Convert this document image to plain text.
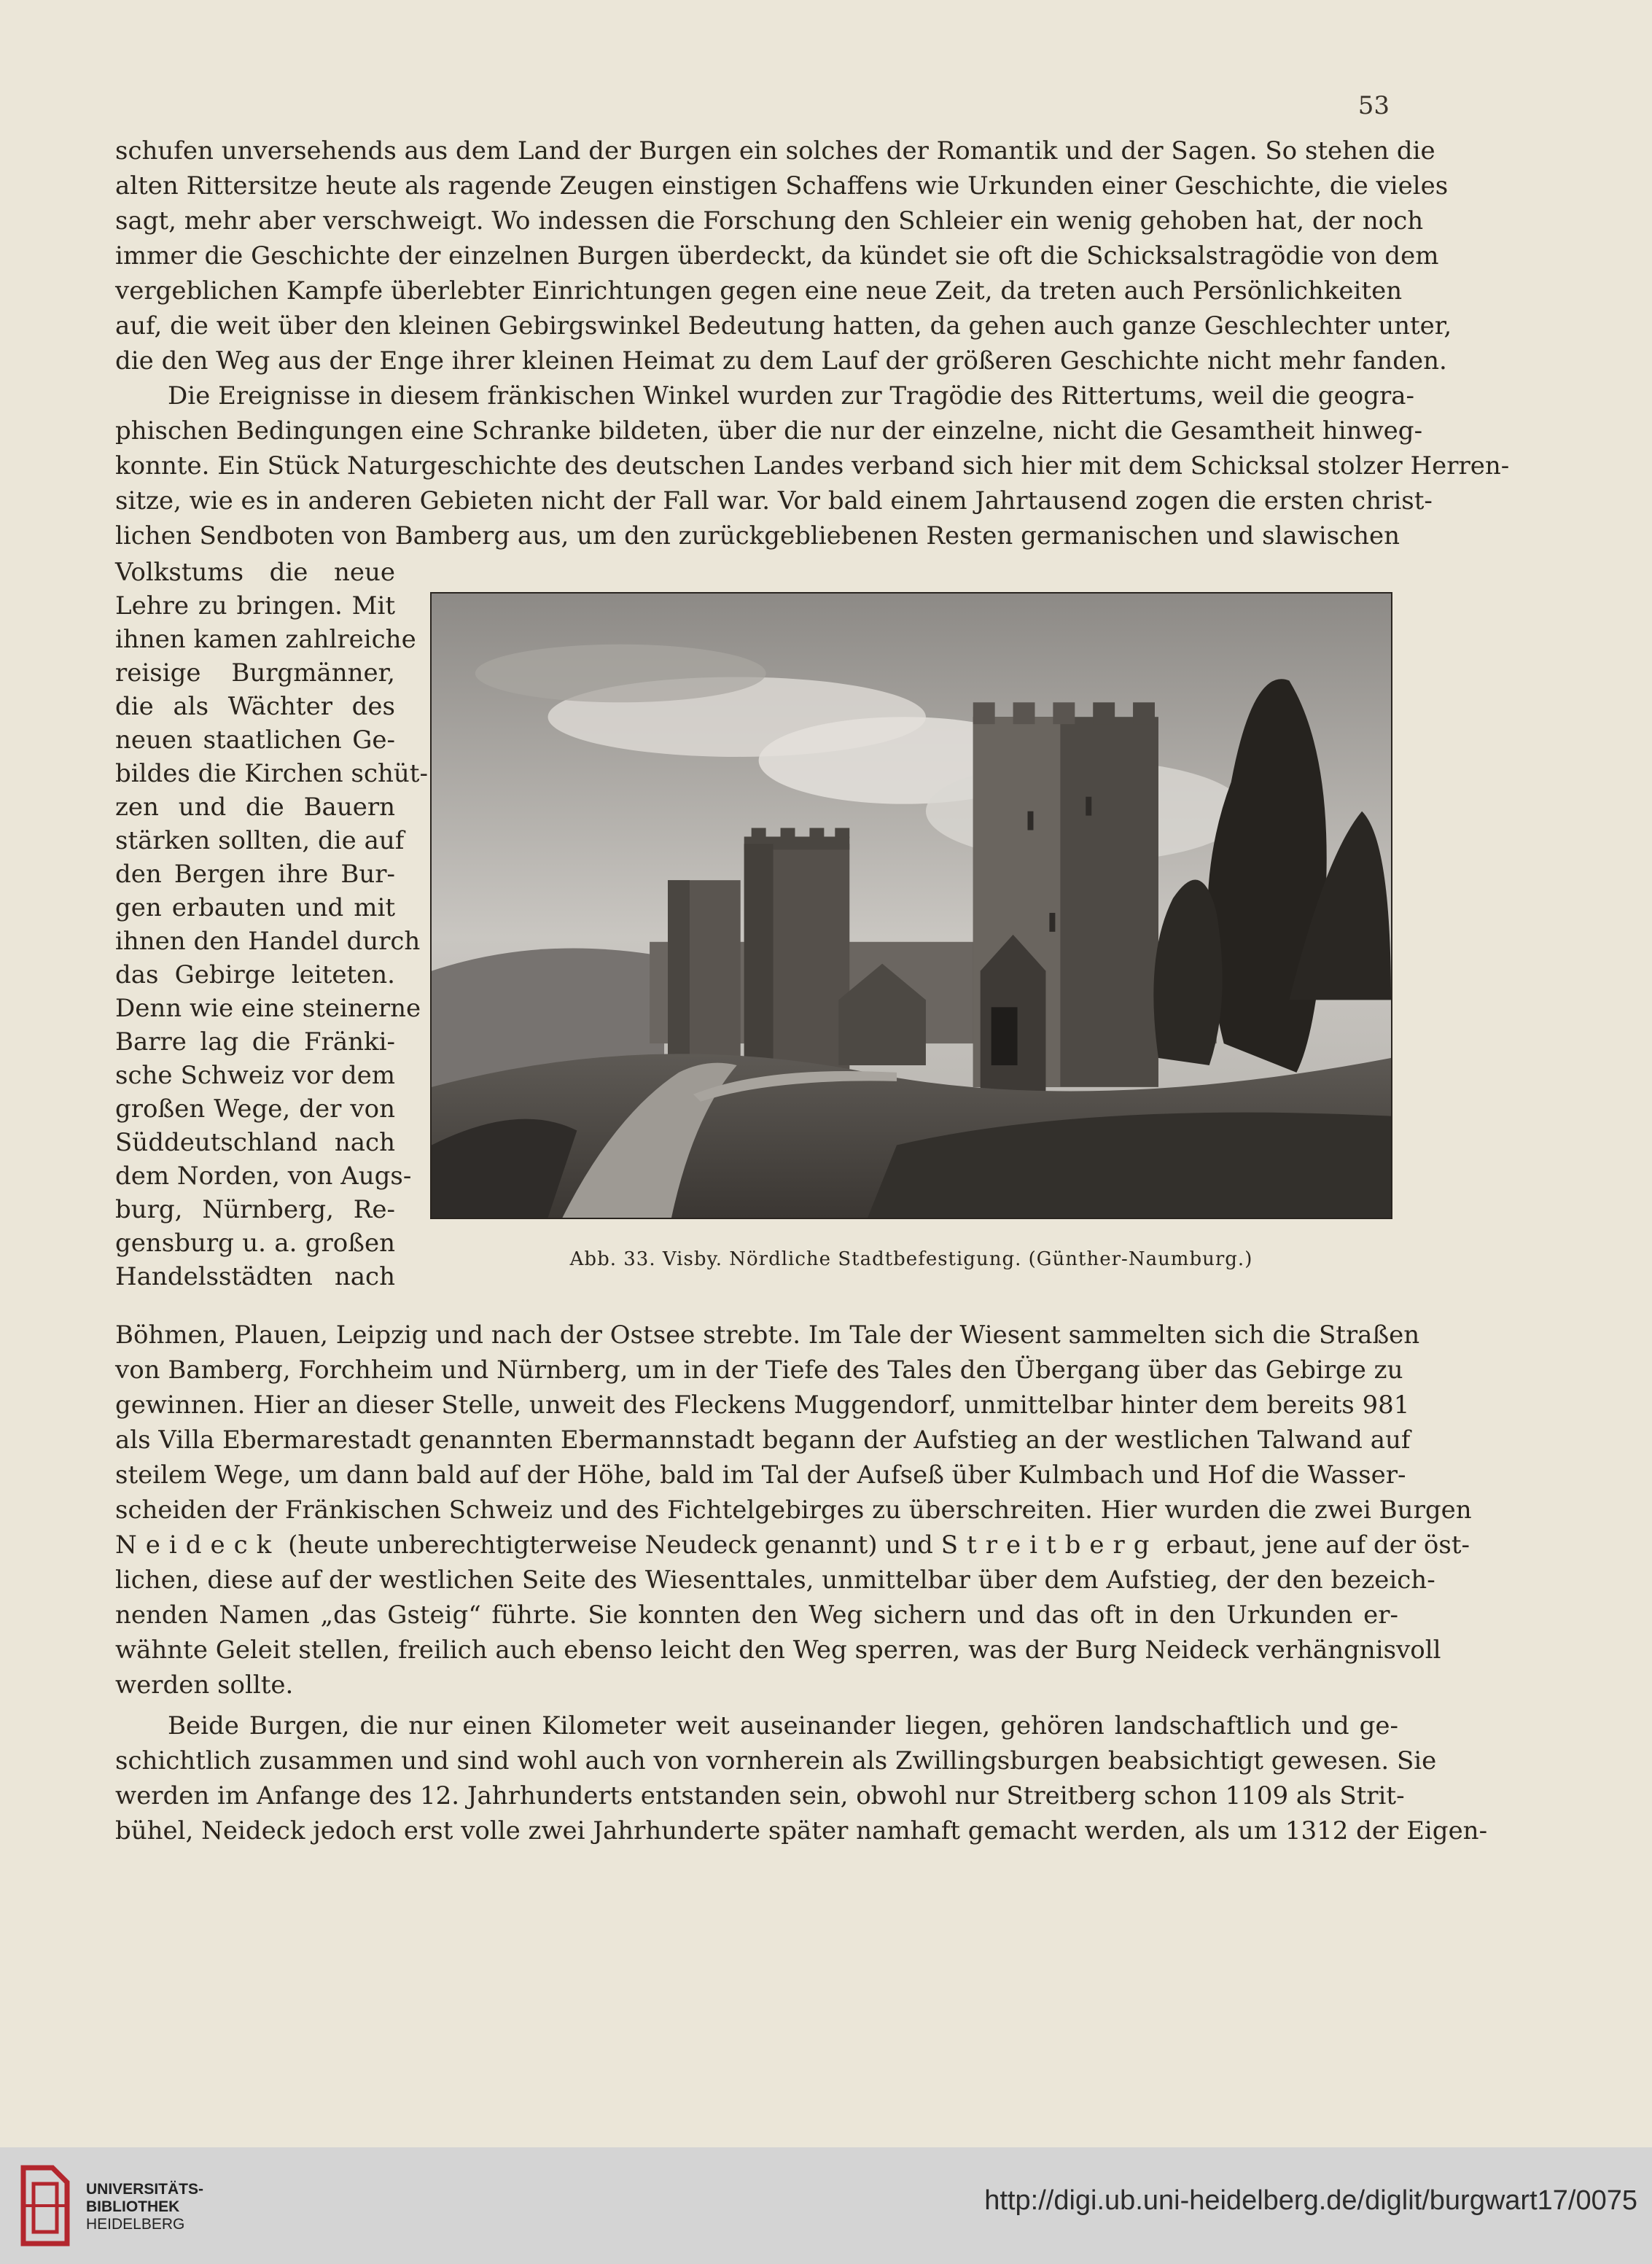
53
schufen unversehends aus dem Land der Burgen ein solches der Romantik und der Sagen. So stehen die
alten Rittersitze heute als ragende Zeugen einstigen Schaffens wie Urkunden einer Geschichte, die vieles
sagt, mehr aber verschweigt. Wo indessen die Forschung den Schleier ein wenig gehoben hat, der noch
immer die Geschichte der einzelnen Burgen überdeckt, da kündet sie oft die Schicksalstragödie von dem
vergeblichen Kampfe überlebter Einrichtungen gegen eine neue Zeit, da treten auch Persönlichkeiten
auf, die weit über den kleinen Gebirgswinkel Bedeutung hatten, da gehen auch ganze Geschlechter unter,
die den Weg aus der Enge ihrer kleinen Heimat zu dem Lauf der größeren Geschichte nicht mehr fanden.
Die Ereignisse in diesem fränkischen Winkel wurden zur Tragödie des Rittertums, weil die geogra-
phischen Bedingungen eine Schranke bildeten, über die nur der einzelne, nicht die Gesamtheit hinweg-
konnte. Ein Stück Naturgeschichte des deutschen Landes verband sich hier mit dem Schicksal stolzer Herren-
sitze, wie es in anderen Gebieten nicht der Fall war. Vor bald einem Jahrtausend zogen die ersten christ-
lichen Sendboten von Bamberg aus, um den zurückgebliebenen Resten germanischen und slawischen
Volkstums die neue
Lehre zu bringen. Mit
ihnen kamen zahlreiche
reisige Burgmänner,
die als Wächter des
neuen staatlichen Ge-
bildes die Kirchen schüt-
zen und die Bauern
stärken sollten, die auf
den Bergen ihre Bur-
gen erbauten und mit
ihnen den Handel durch
das Gebirge leiteten.
Denn wie eine steinerne
Barre lag die Fränki-
sche Schweiz vor dem
großen Wege, der von
Süddeutschland nach
dem Norden, von Augs-
burg, Nürnberg, Re-
gensburg u. a. großen
Handelsstädten nach
Abb. 33. Visby. Nördliche Stadtbefestigung. (Günther-Naumburg.)
Böhmen, Plauen, Leipzig und nach der Ostsee strebte. Im Tale der Wiesent sammelten sich die Straßen
von Bamberg, Forchheim und Nürnberg, um in der Tiefe des Tales den Übergang über das Gebirge zu
gewinnen. Hier an dieser Stelle, unweit des Fleckens Muggendorf, unmittelbar hinter dem bereits 981
als Villa Ebermarestadt genannten Ebermannstadt begann der Aufstieg an der westlichen Talwand auf
steilem Wege, um dann bald auf der Höhe, bald im Tal der Aufseß über Kulmbach und Hof die Wasser-
scheiden der Fränkischen Schweiz und des Fichtelgebirges zu überschreiten. Hier wurden die zwei Burgen
Neideck (heute unberechtigterweise Neudeck genannt) und Streitberg erbaut, jene auf der öst-
lichen, diese auf der westlichen Seite des Wiesenttales, unmittelbar über dem Aufstieg, der den bezeich-
nenden Namen „das Gsteig“ führte. Sie konnten den Weg sichern und das oft in den Urkunden er-
wähnte Geleit stellen, freilich auch ebenso leicht den Weg sperren, was der Burg Neideck verhängnisvoll
werden sollte.
Beide Burgen, die nur einen Kilometer weit auseinander liegen, gehören landschaftlich und ge-
schichtlich zusammen und sind wohl auch von vornherein als Zwillingsburgen beabsichtigt gewesen. Sie
werden im Anfange des 12. Jahrhunderts entstanden sein, obwohl nur Streitberg schon 1109 als Strit-
bühel, Neideck jedoch erst volle zwei Jahrhunderte später namhaft gemacht werden, als um 1312 der Eigen-
UNIVERSITÄTS-
BIBLIOTHEK
HEIDELBERG
http://digi.ub.uni-heidelberg.de/diglit/burgwart17/0075
